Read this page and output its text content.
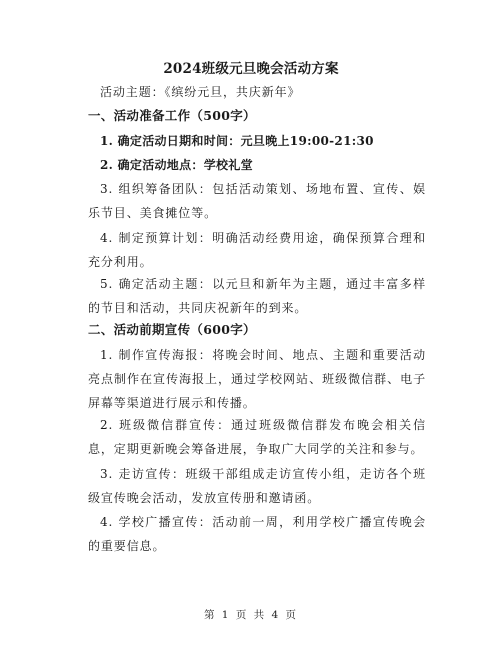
2024班级元旦晚会活动方案
活动主题：《缤纷元旦，共庆新年》
一、活动准备工作（500字）
1. 确定活动日期和时间：元旦晚上19:00-21:30
2. 确定活动地点：学校礼堂
3. 组织筹备团队：包括活动策划、场地布置、宣传、娱乐节目、美食摊位等。
4. 制定预算计划：明确活动经费用途，确保预算合理和充分利用。
5. 确定活动主题：以元旦和新年为主题，通过丰富多样的节目和活动，共同庆祝新年的到来。
二、活动前期宣传（600字）
1. 制作宣传海报：将晚会时间、地点、主题和重要活动亮点制作在宣传海报上，通过学校网站、班级微信群、电子屏幕等渠道进行展示和传播。
2. 班级微信群宣传：通过班级微信群发布晚会相关信息，定期更新晚会筹备进展，争取广大同学的关注和参与。
3. 走访宣传：班级干部组成走访宣传小组，走访各个班级宣传晚会活动，发放宣传册和邀请函。
4. 学校广播宣传：活动前一周，利用学校广播宣传晚会的重要信息。
第 1 页 共 4 页
